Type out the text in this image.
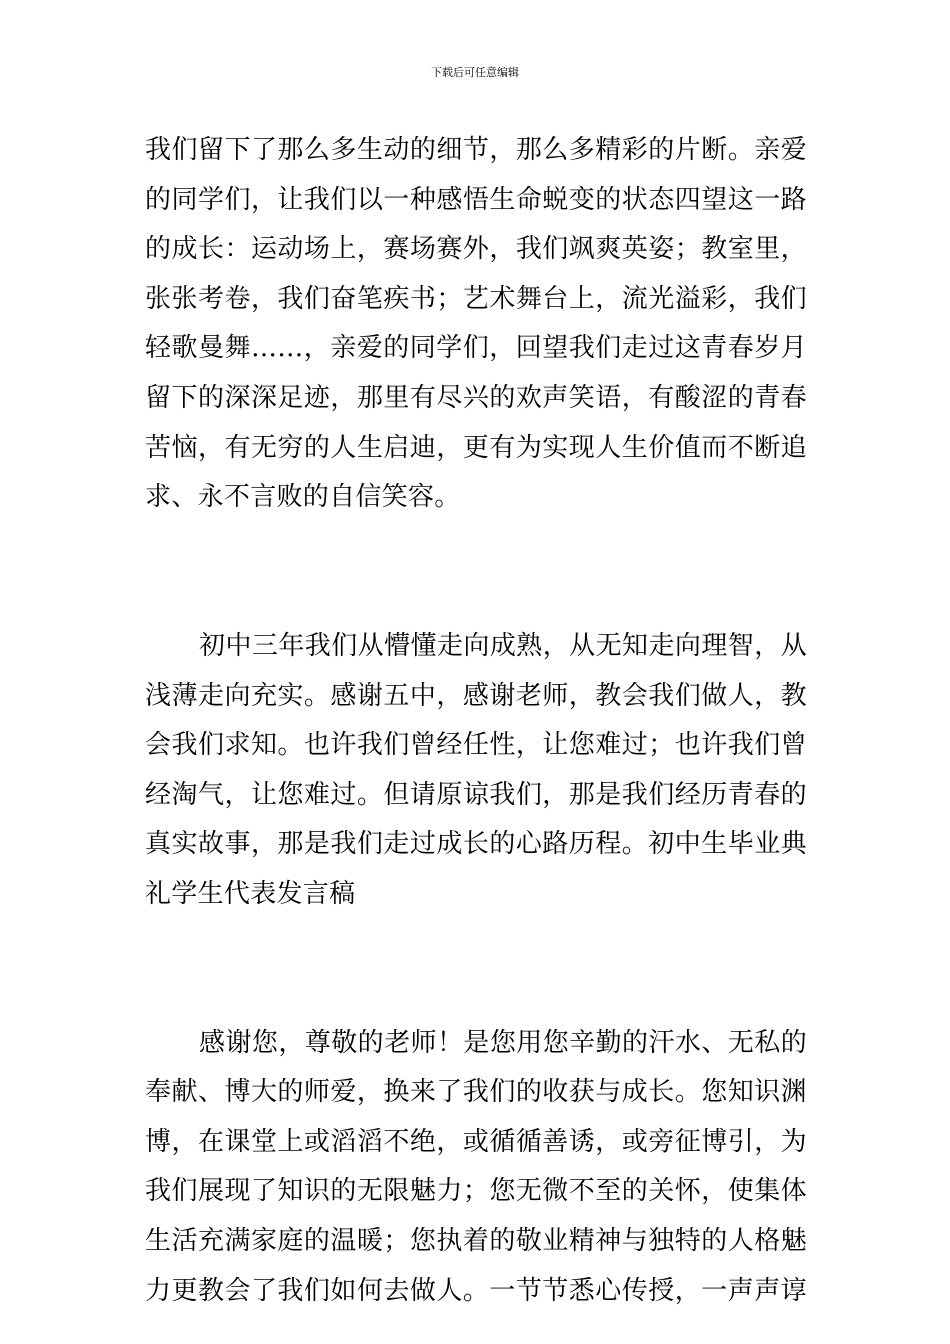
下载后可任意编辑

我们留下了那么多生动的细节，那么多精彩的片断。亲爱
的同学们，让我们以一种感悟生命蜕变的状态四望这一路
的成长：运动场上，赛场赛外，我们飒爽英姿；教室里，
张张考卷，我们奋笔疾书；艺术舞台上，流光溢彩，我们
轻歌曼舞……，亲爱的同学们，回望我们走过这青春岁月
留下的深深足迹，那里有尽兴的欢声笑语，有酸涩的青春
苦恼，有无穷的人生启迪，更有为实现人生价值而不断追
求、永不言败的自信笑容。

初中三年我们从懵懂走向成熟，从无知走向理智，从
浅薄走向充实。感谢五中，感谢老师，教会我们做人，教
会我们求知。也许我们曾经任性，让您难过；也许我们曾
经淘气，让您难过。但请原谅我们，那是我们经历青春的
真实故事，那是我们走过成长的心路历程。初中生毕业典
礼学生代表发言稿

感谢您，尊敬的老师！是您用您辛勤的汗水、无私的
奉献、博大的师爱，换来了我们的收获与成长。您知识渊
博，在课堂上或滔滔不绝，或循循善诱，或旁征博引，为
我们展现了知识的无限魅力；您无微不至的关怀，使集体
生活充满家庭的温暖；您执着的敬业精神与独特的人格魅
力更教会了我们如何去做人。一节节悉心传授，一声声谆
